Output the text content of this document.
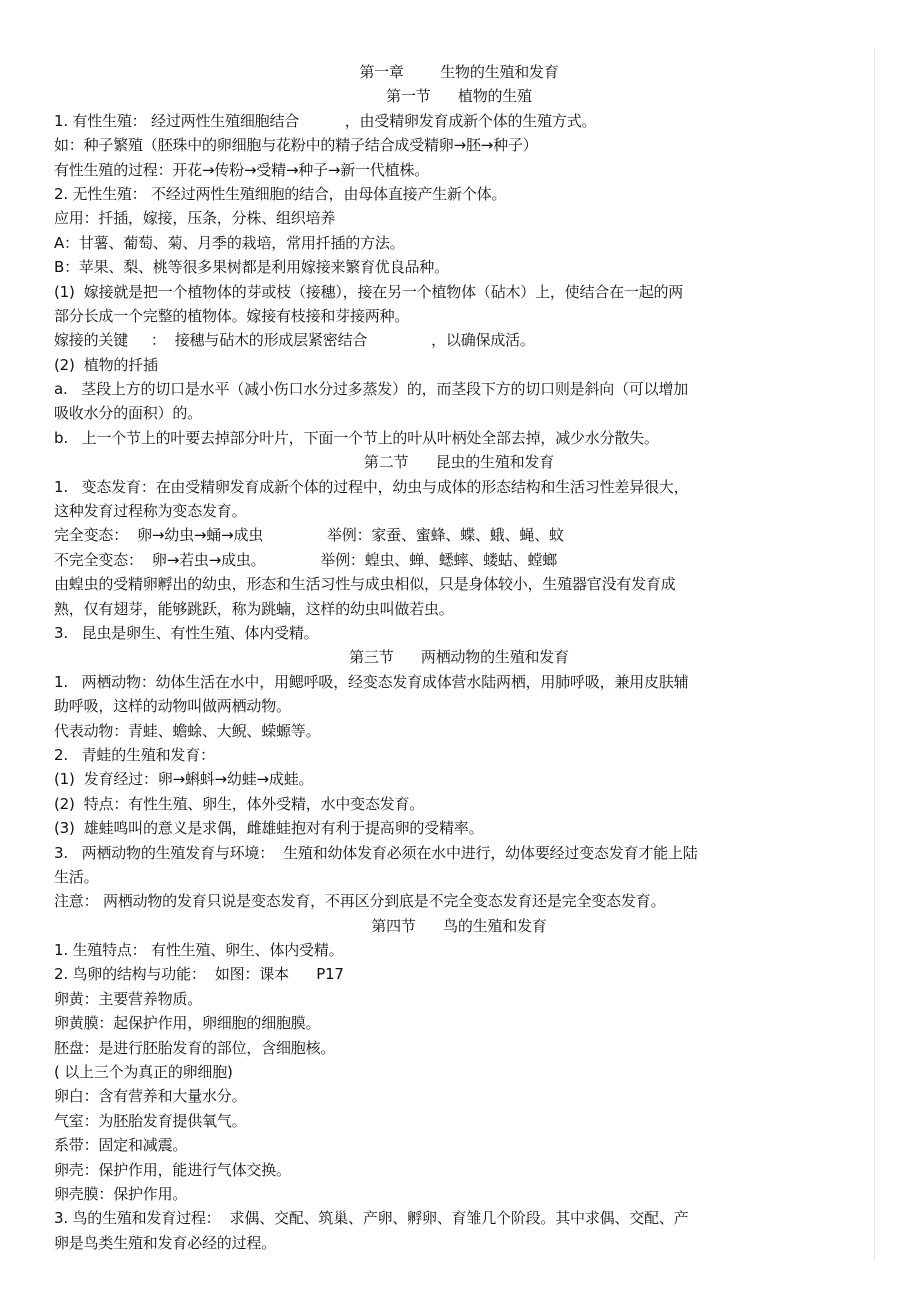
第一章        生物的生殖和发育
第一节      植物的生殖
1. 有性生殖： 经过两性生殖细胞结合          ，由受精卵发育成新个体的生殖方式。
如：种子繁殖（胚珠中的卵细胞与花粉中的精子结合成受精卵→胚→种子）
有性生殖的过程：开花→传粉→受精→种子→新一代植株。
2. 无性生殖： 不经过两性生殖细胞的结合，由母体直接产生新个体。
应用：扦插，嫁接，压条，分株、组织培养
A：甘薯、葡萄、菊、月季的栽培，常用扦插的方法。
B：苹果、梨、桃等很多果树都是利用嫁接来繁育优良品种。
(1)  嫁接就是把一个植物体的芽或枝（接穗），接在另一个植物体（砧木）上，使结合在一起的两
部分长成一个完整的植物体。嫁接有枝接和芽接两种。
嫁接的关键     ：  接穗与砧木的形成层紧密结合              ，以确保成活。
(2)  植物的扦插
a.   茎段上方的切口是水平（减小伤口水分过多蒸发）的，而茎段下方的切口则是斜向（可以增加
吸收水分的面积）的。
b.   上一个节上的叶要去掉部分叶片，下面一个节上的叶从叶柄处全部去掉，减少水分散失。
第二节      昆虫的生殖和发育
1.   变态发育：在由受精卵发育成新个体的过程中，幼虫与成体的形态结构和生活习性差异很大，
这种发育过程称为变态发育。
完全变态：  卵→幼虫→蛹→成虫              举例：家蚕、蜜蜂、蝶、蛾、蝇、蚊
不完全变态：  卵→若虫→成虫。            举例：蝗虫、蝉、蟋蟀、蝼蛄、螳螂
由蝗虫的受精卵孵出的幼虫，形态和生活习性与成虫相似，只是身体较小，生殖器官没有发育成
熟，仅有翅芽，能够跳跃，称为跳蝻，这样的幼虫叫做若虫。
3.   昆虫是卵生、有性生殖、体内受精。
第三节      两栖动物的生殖和发育
1.   两栖动物：幼体生活在水中，用鳃呼吸，经变态发育成体营水陆两栖，用肺呼吸，兼用皮肤辅
助呼吸，这样的动物叫做两栖动物。
代表动物：青蛙、蟾蜍、大鲵、蝾螈等。
2.   青蛙的生殖和发育：
(1)  发育经过：卵→蝌蚪→幼蛙→成蛙。
(2)  特点：有性生殖、卵生，体外受精，水中变态发育。
(3)  雄蛙鸣叫的意义是求偶，雌雄蛙抱对有利于提高卵的受精率。
3.   两栖动物的生殖发育与环境：  生殖和幼体发育必须在水中进行，幼体要经过变态发育才能上陆
生活。
注意： 两栖动物的发育只说是变态发育，不再区分到底是不完全变态发育还是完全变态发育。
第四节      鸟的生殖和发育
1. 生殖特点： 有性生殖、卵生、体内受精。
2. 鸟卵的结构与功能：  如图：课本      P17
卵黄：主要营养物质。
卵黄膜：起保护作用，卵细胞的细胞膜。
胚盘：是进行胚胎发育的部位，含细胞核。
( 以上三个为真正的卵细胞)
卵白：含有营养和大量水分。
气室：为胚胎发育提供氧气。
系带：固定和减震。
卵壳：保护作用，能进行气体交换。
卵壳膜：保护作用。
3. 鸟的生殖和发育过程：  求偶、交配、筑巢、产卵、孵卵、育雏几个阶段。其中求偶、交配、产
卵是鸟类生殖和发育必经的过程。
